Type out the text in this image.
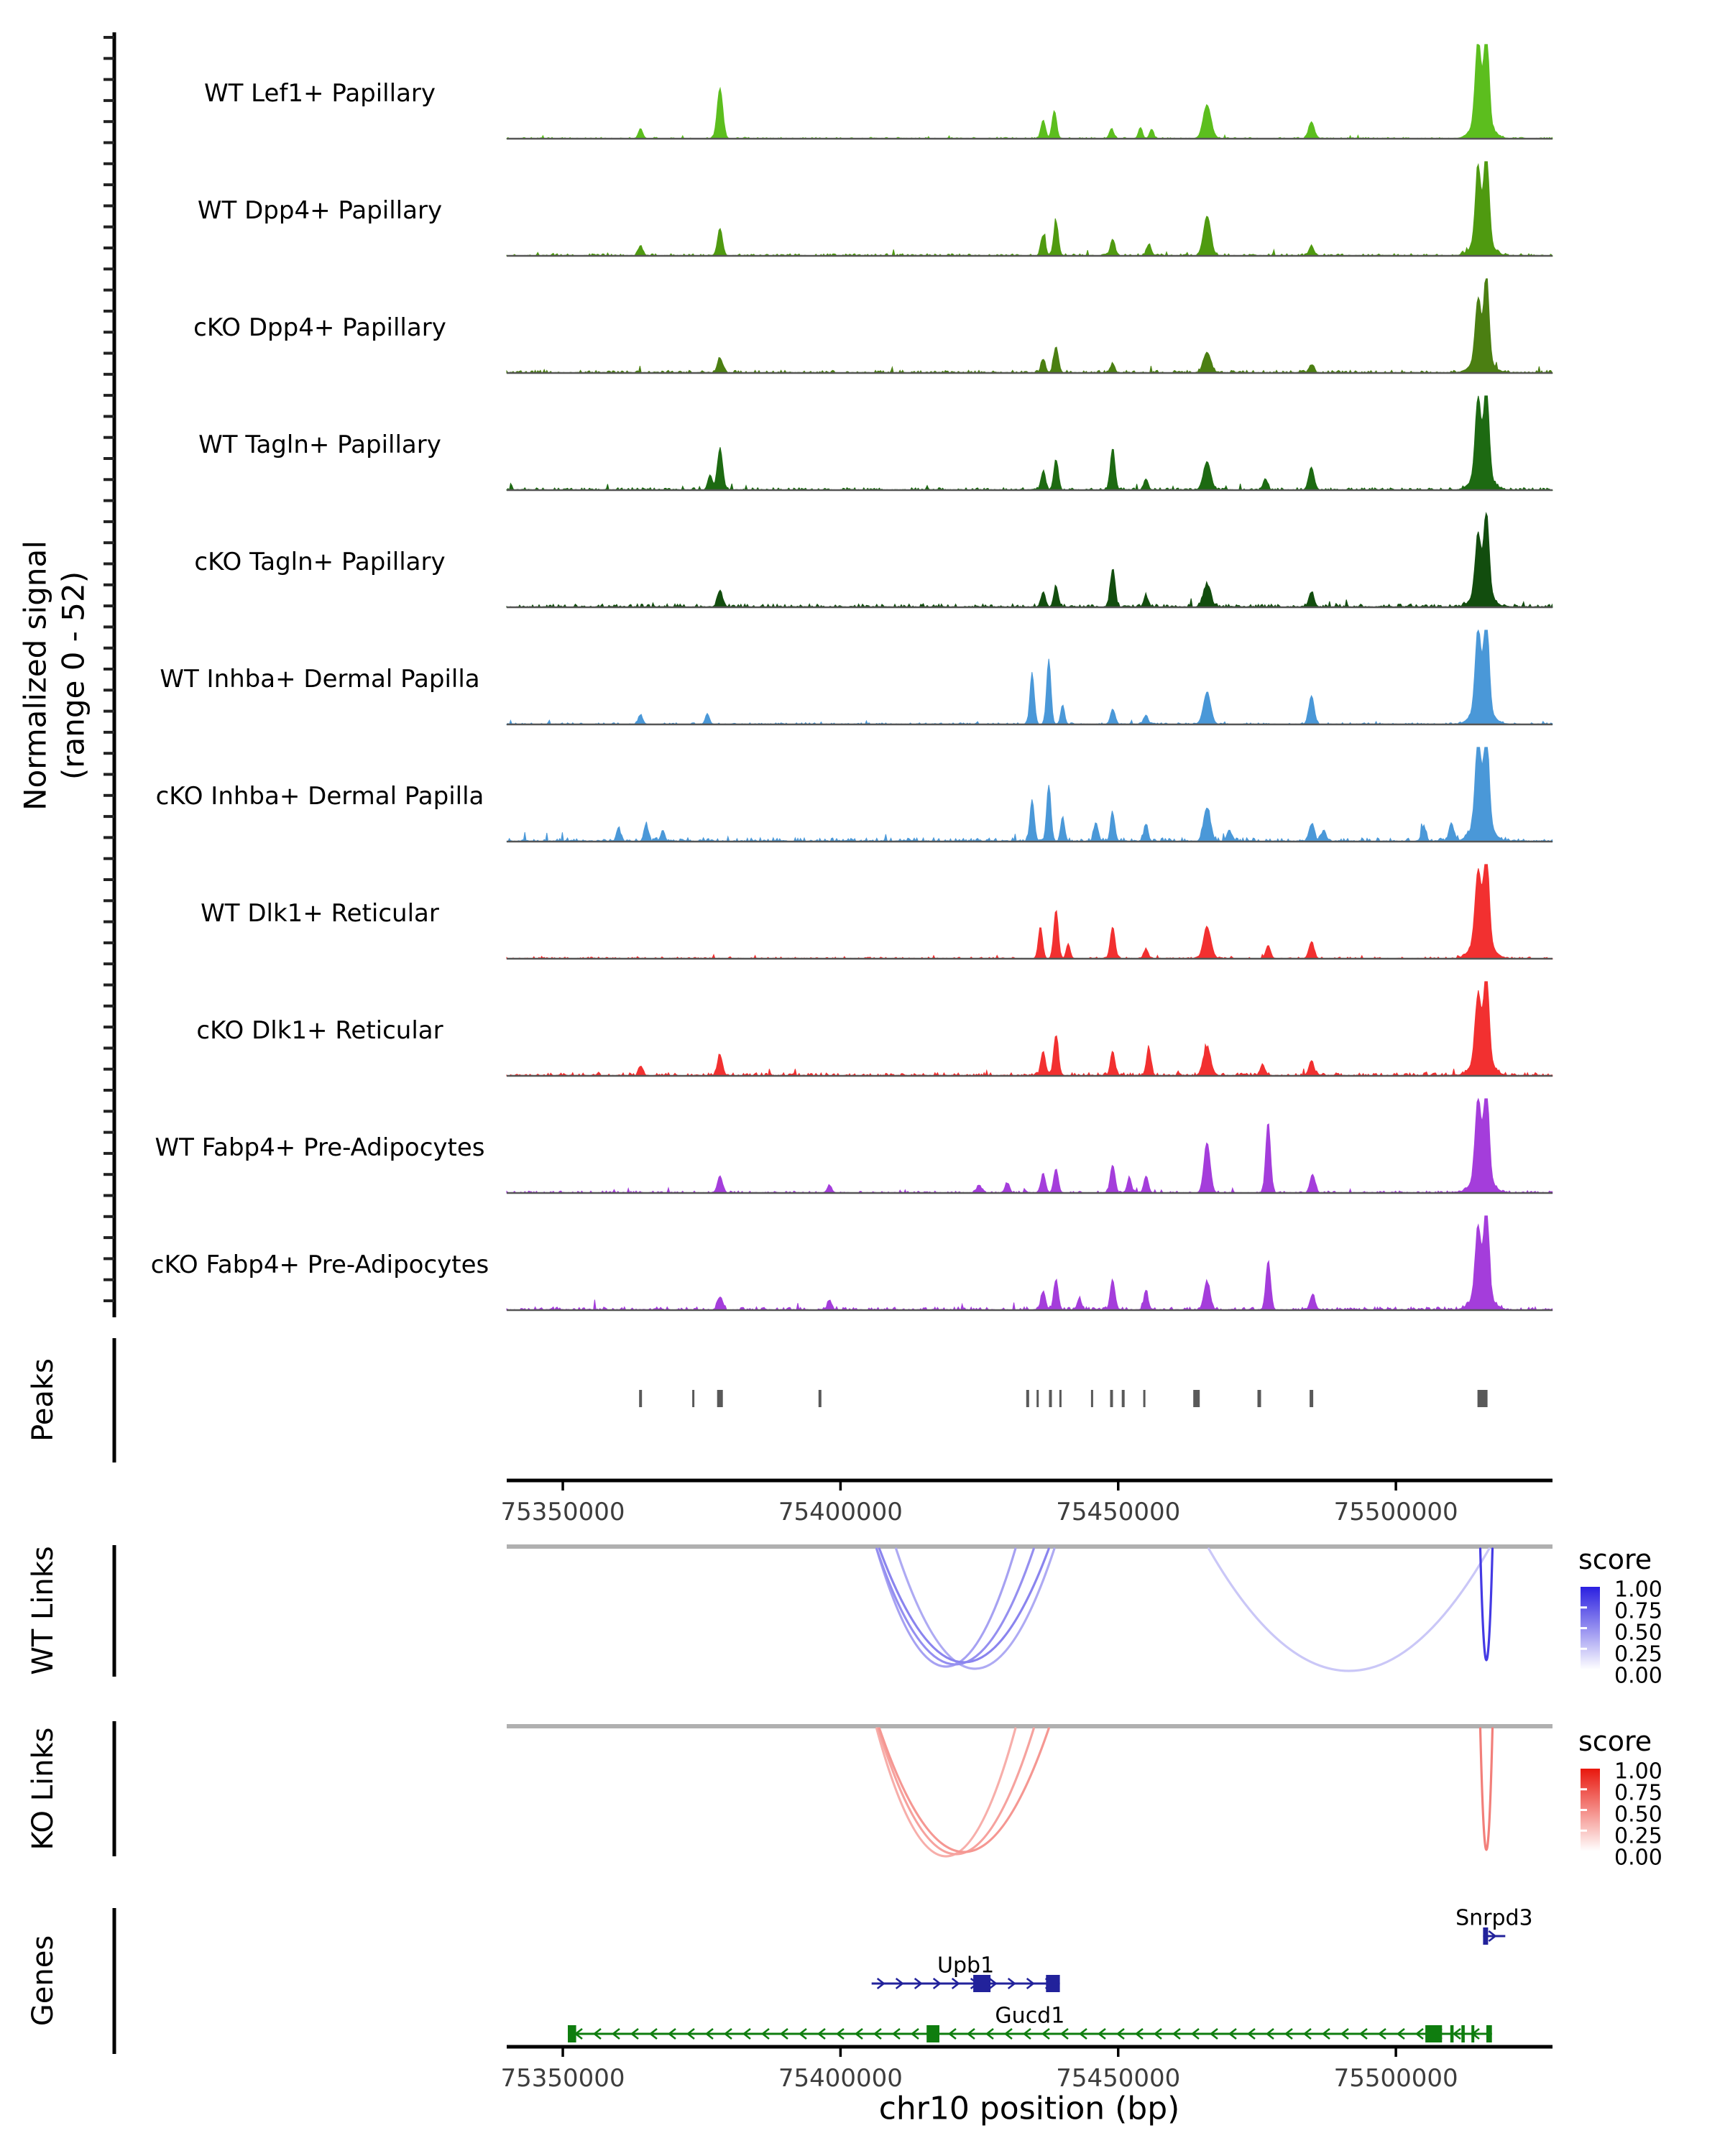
Normalized signal (range 0 - 52)
WT Lef1+ Papillary
WT Dpp4+ Papillary
cKO Dpp4+ Papillary
WT Tagln+ Papillary
cKO Tagln+ Papillary
WT Inhba+ Dermal Papilla
cKO Inhba+ Dermal Papilla
WT Dlk1+ Reticular
cKO Dlk1+ Reticular
WT Fabp4+ Pre-Adipocytes
cKO Fabp4+ Pre-Adipocytes
Peaks
WT Links
KO Links
Genes
75350000	75400000	75450000	75500000
75350000	75400000	75450000	75500000
chr10 position (bp)
score
score
1.00
0.75
0.50
0.25
0.00
1.00
0.75
0.50
0.25
0.00
Snrpd3
Upb1
Gucd1
